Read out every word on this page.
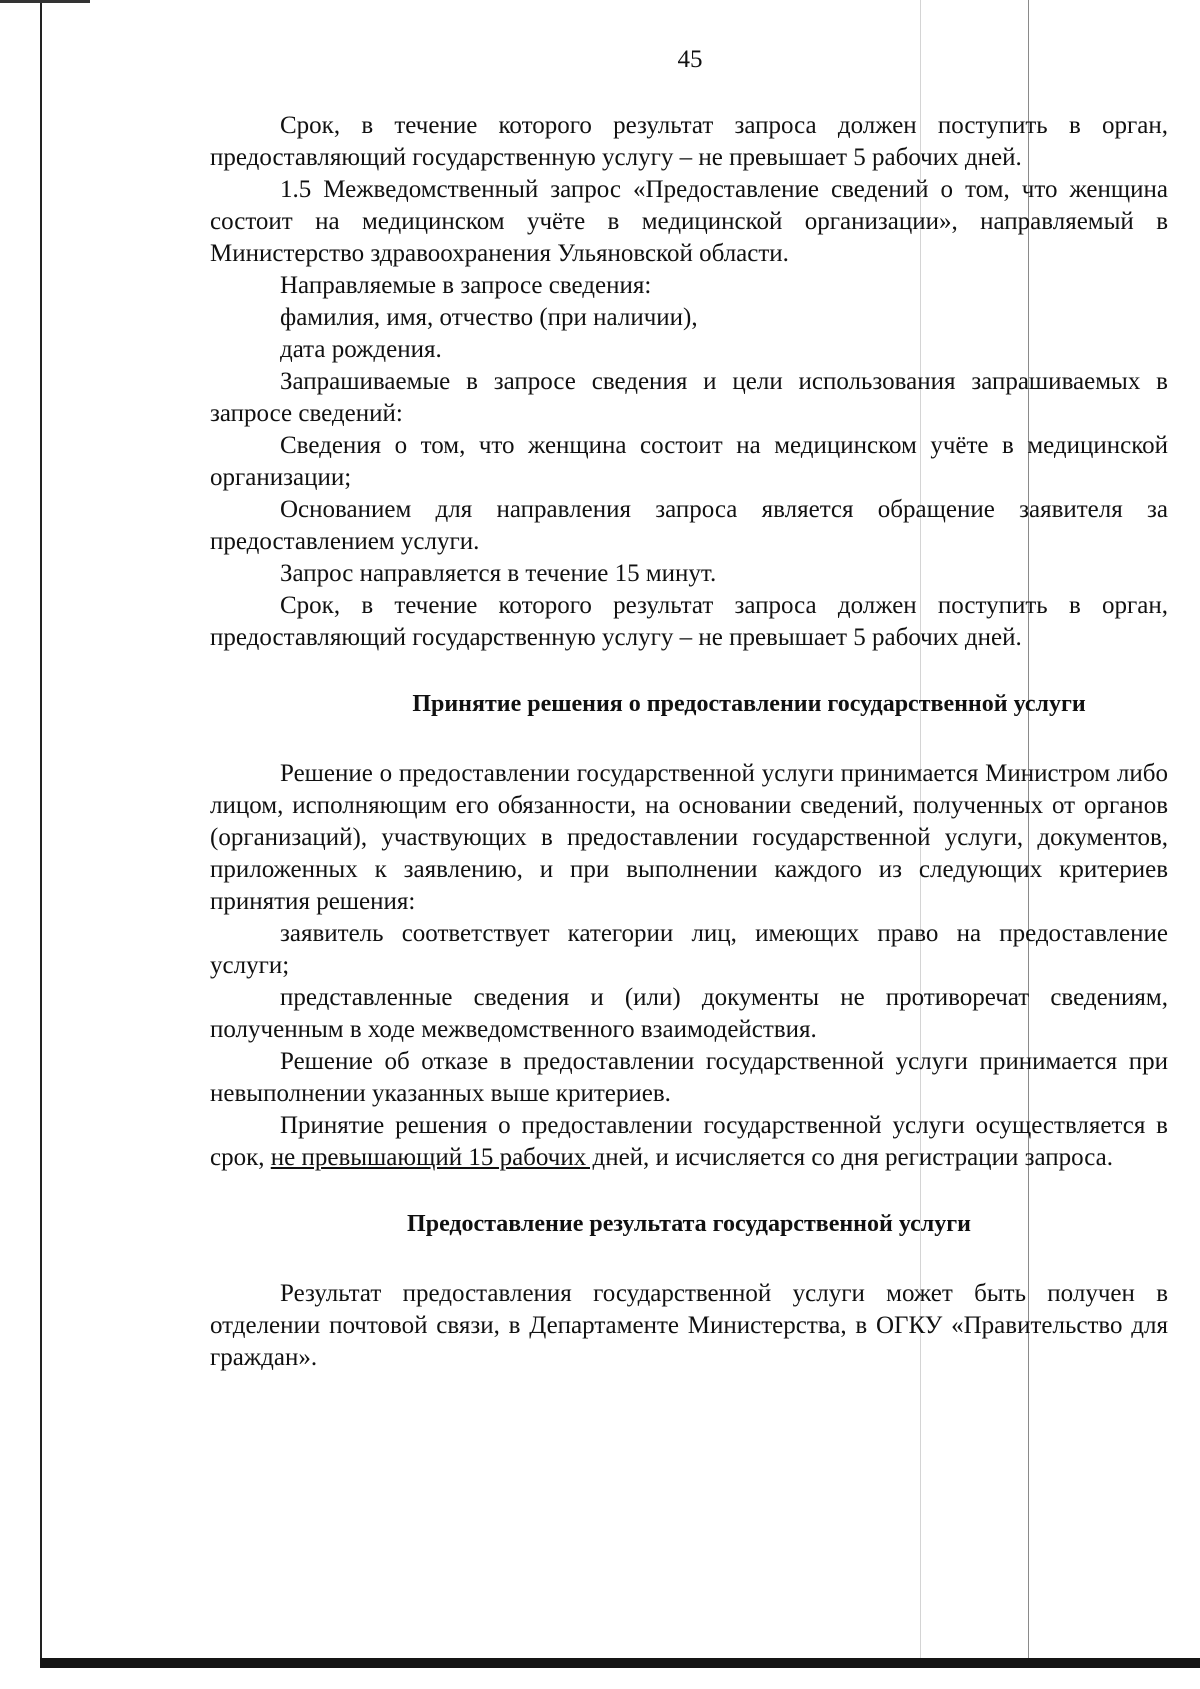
45

Срок, в течение которого результат запроса должен поступить в орган, предоставляющий государственную услугу – не превышает 5 рабочих дней.

1.5 Межведомственный запрос «Предоставление сведений о том, что женщина состоит на медицинском учёте в медицинской организации», направляемый в Министерство здравоохранения Ульяновской области.

Направляемые в запросе сведения:

фамилия, имя, отчество (при наличии),

дата рождения.

Запрашиваемые в запросе сведения и цели использования запрашиваемых в запросе сведений:

Сведения о том, что женщина состоит на медицинском учёте в медицинской организации;

Основанием для направления запроса является обращение заявителя за предоставлением услуги.

Запрос направляется в течение 15 минут.

Срок, в течение которого результат запроса должен поступить в орган, предоставляющий государственную услугу – не превышает 5 рабочих дней.

Принятие решения о предоставлении государственной услуги

Решение о предоставлении государственной услуги принимается Министром либо лицом, исполняющим его обязанности, на основании сведений, полученных от органов (организаций), участвующих в предоставлении государственной услуги, документов, приложенных к заявлению, и при выполнении каждого из следующих критериев принятия решения:

заявитель соответствует категории лиц, имеющих право на предоставление услуги;

представленные сведения и (или) документы не противоречат сведениям, полученным в ходе межведомственного взаимодействия.

Решение об отказе в предоставлении государственной услуги принимается при невыполнении указанных выше критериев.

Принятие решения о предоставлении государственной услуги осуществляется в срок, не превышающий 15 рабочих дней, и исчисляется со дня регистрации запроса.

Предоставление результата государственной услуги

Результат предоставления государственной услуги может быть получен в отделении почтовой связи, в Департаменте Министерства, в ОГКУ «Правительство для граждан».
